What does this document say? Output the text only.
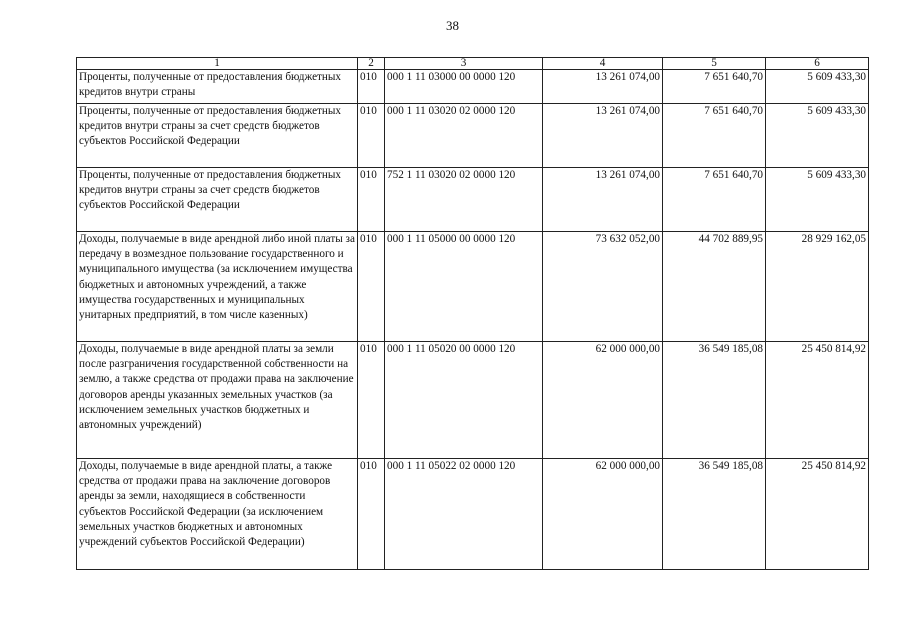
38
1	2	3	4	5	6
Проценты, полученные от предоставления бюджетных кредитов внутри страны	010	000 1 11 03000 00 0000 120	13 261 074,00	7 651 640,70	5 609 433,30
Проценты, полученные от предоставления бюджетных кредитов внутри страны за счет средств бюджетов субъектов Российской Федерации	010	000 1 11 03020 02 0000 120	13 261 074,00	7 651 640,70	5 609 433,30
Проценты, полученные от предоставления бюджетных кредитов внутри страны за счет средств бюджетов субъектов Российской Федерации	010	752 1 11 03020 02 0000 120	13 261 074,00	7 651 640,70	5 609 433,30
Доходы, получаемые в виде арендной либо иной платы за передачу в возмездное пользование государственного и муниципального имущества (за исключением имущества бюджетных и автономных учреждений, а также имущества государственных и муниципальных унитарных предприятий, в том числе казенных)	010	000 1 11 05000 00 0000 120	73 632 052,00	44 702 889,95	28 929 162,05
Доходы, получаемые в виде арендной платы за земли после разграничения государственной собственности на землю, а также средства от продажи права на заключение договоров аренды указанных земельных участков (за исключением земельных участков бюджетных и автономных учреждений)	010	000 1 11 05020 00 0000 120	62 000 000,00	36 549 185,08	25 450 814,92
Доходы, получаемые в виде арендной платы, а также средства от продажи права на заключение договоров аренды за земли, находящиеся в собственности субъектов Российской Федерации (за исключением земельных участков бюджетных и автономных учреждений субъектов Российской Федерации)	010	000 1 11 05022 02 0000 120	62 000 000,00	36 549 185,08	25 450 814,92
